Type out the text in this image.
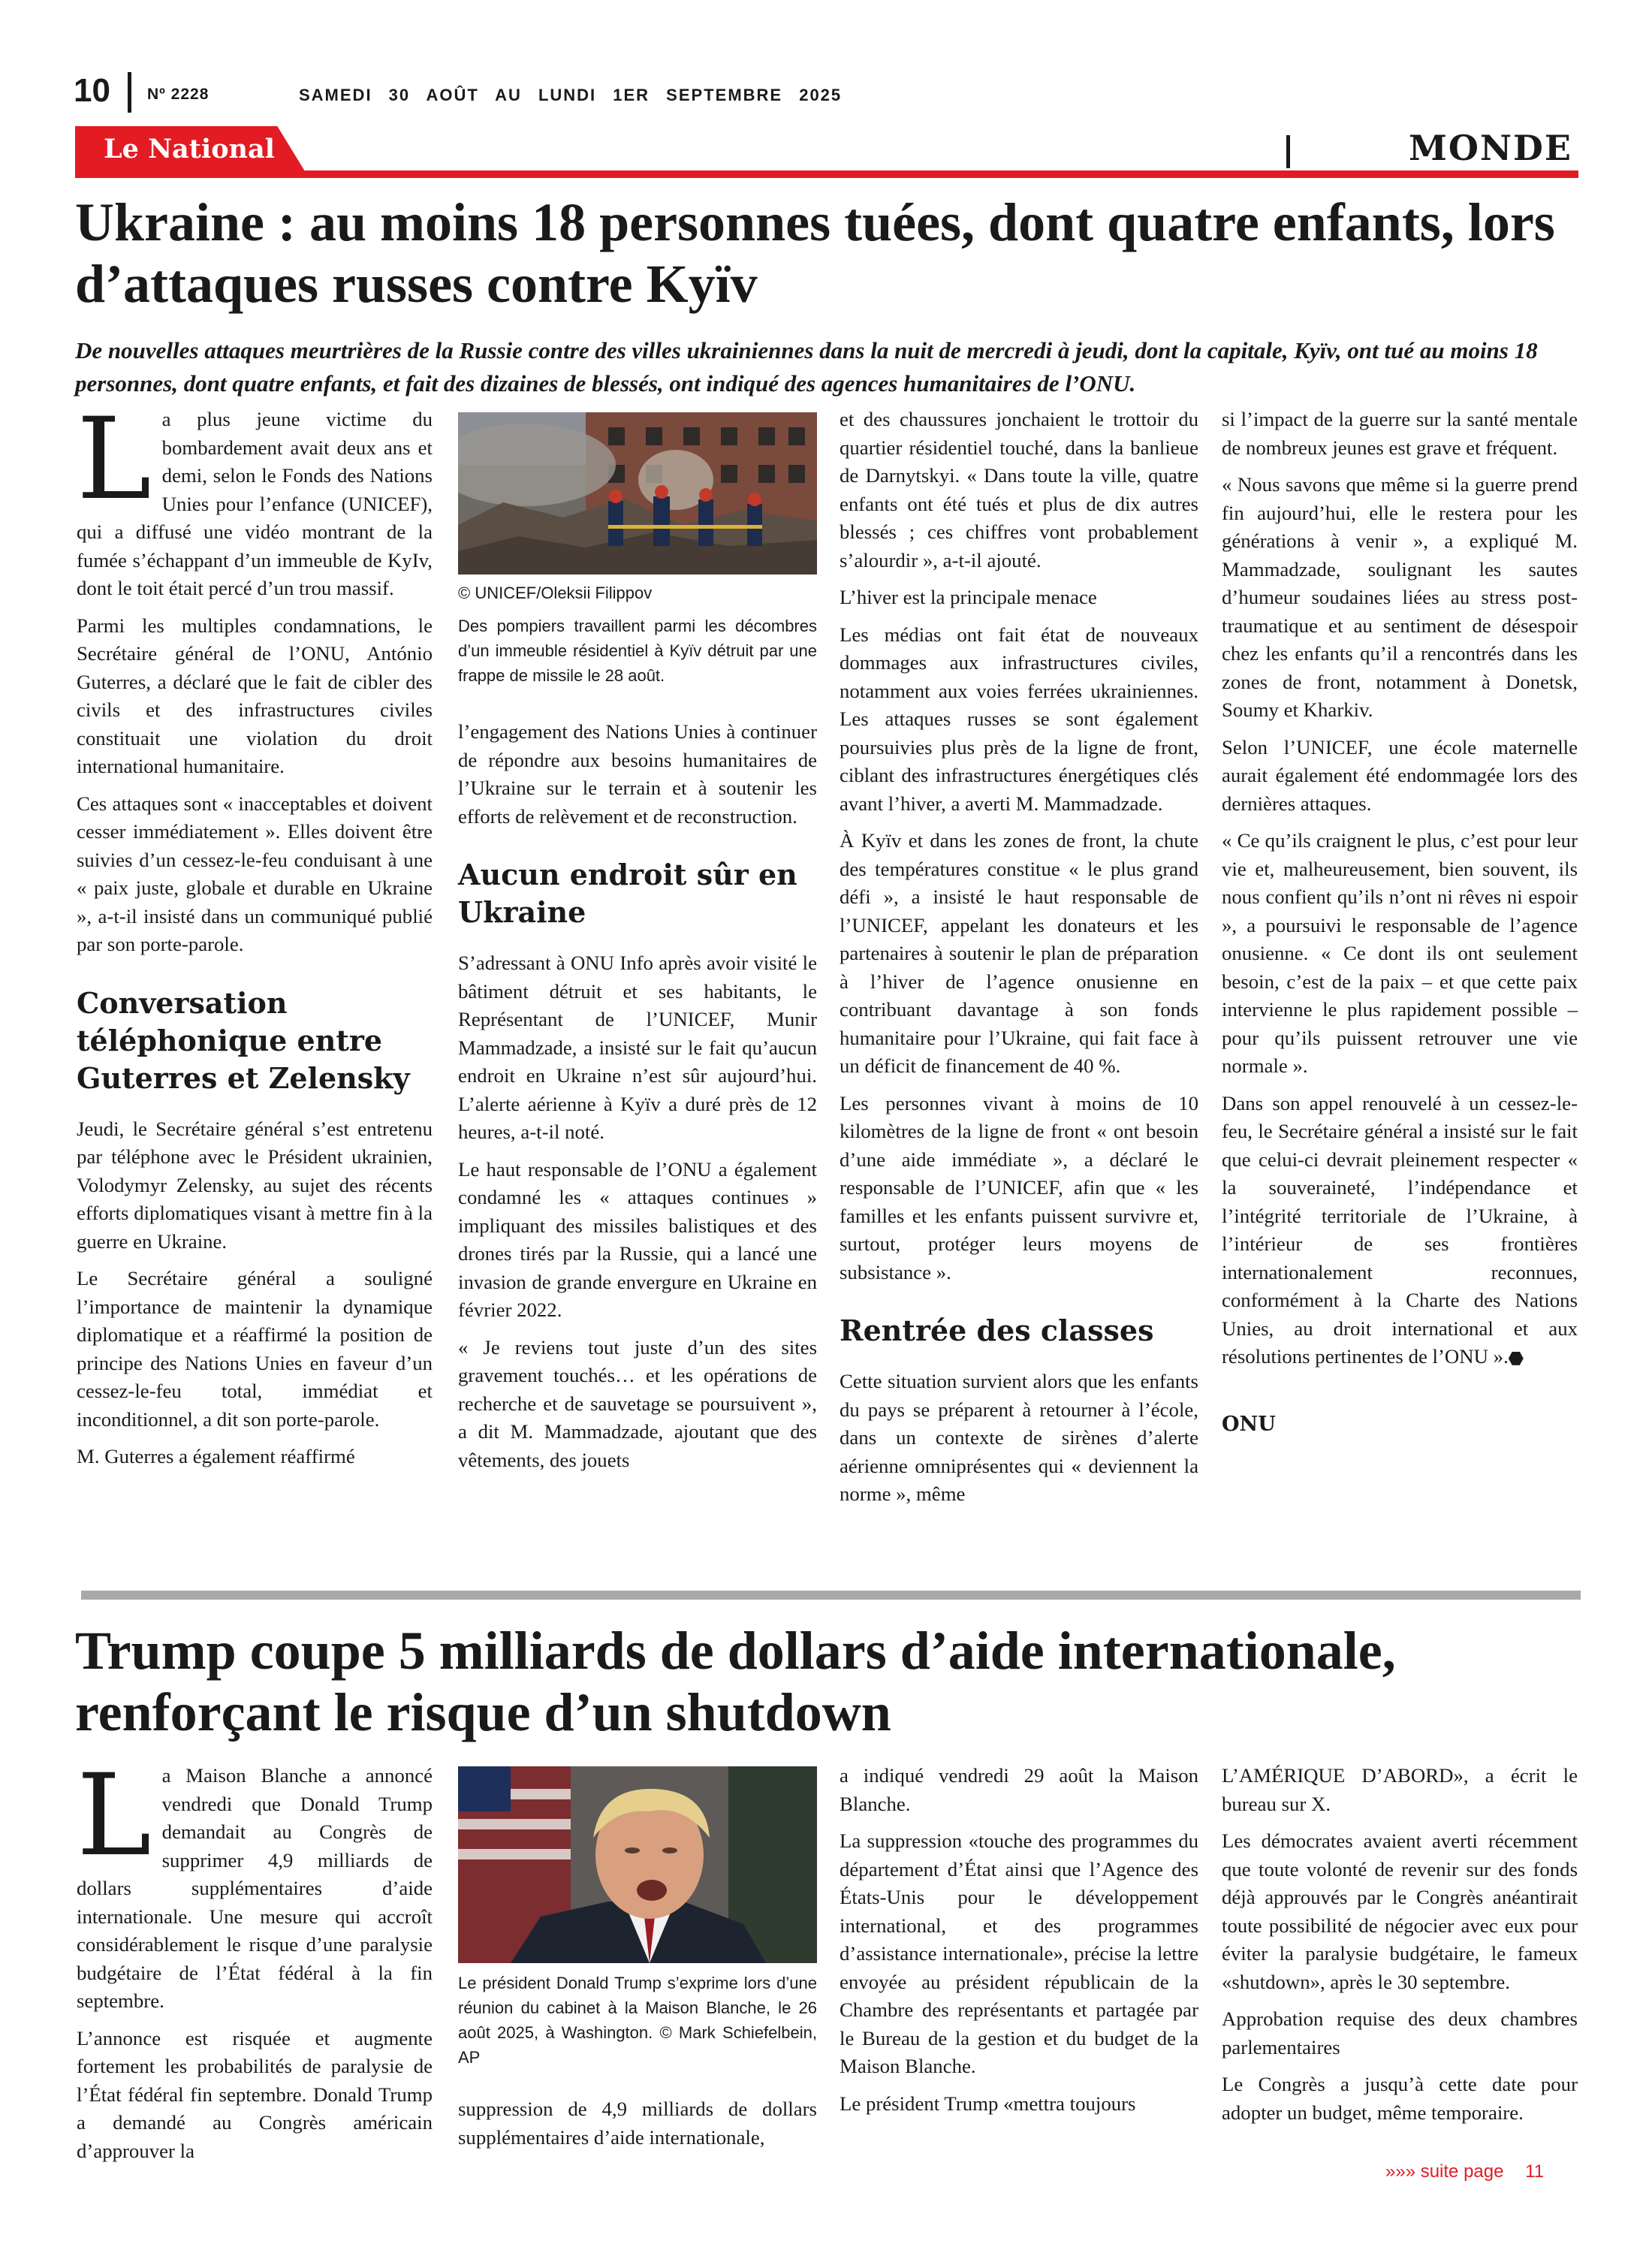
10 Nº 2228	SAMEDI 30 AOÛT AU LUNDI 1ER SEPTEMBRE 2025
Le National	MONDE
Ukraine : au moins 18 personnes tuées, dont quatre enfants, lors d’attaques russes contre Kyïv
De nouvelles attaques meurtrières de la Russie contre des villes ukrainiennes dans la nuit de mercredi à jeudi, dont la capitale, Kyïv, ont tué au moins 18 personnes, dont quatre enfants, et fait des dizaines de blessés, ont indiqué des agences humanitaires de l’ONU.
L a plus jeune victime du bombardement avait deux ans et demi, selon le Fonds des Nations Unies pour l’enfance (UNICEF), qui a diffusé une vidéo montrant de la fumée s’échappant d’un immeuble de KyIv, dont le toit était percé d’un trou massif.

Parmi les multiples condamnations, le Secrétaire général de l’ONU, António Guterres, a déclaré que le fait de cibler des civils et des infrastructures civiles constituait une violation du droit international humanitaire.

Ces attaques sont « inacceptables et doivent cesser immédiatement ». Elles doivent être suivies d’un cessez-le-feu conduisant à une « paix juste, globale et durable en Ukraine », a-t-il insisté dans un communiqué publié par son porte-parole.

Conversation téléphonique entre Guterres et Zelensky

Jeudi, le Secrétaire général s’est entretenu par téléphone avec le Président ukrainien, Volodymyr Zelensky, au sujet des récents efforts diplomatiques visant à mettre fin à la guerre en Ukraine.

Le Secrétaire général a souligné l’importance de maintenir la dynamique diplomatique et a réaffirmé la position de principe des Nations Unies en faveur d’un cessez-le-feu total, immédiat et inconditionnel, a dit son porte-parole.

M. Guterres a également réaffirmé

© UNICEF/Oleksii Filippov

Des pompiers travaillent parmi les décombres d’un immeuble résidentiel à Kyïv détruit par une frappe de missile le 28 août.

l’engagement des Nations Unies à continuer de répondre aux besoins humanitaires de l’Ukraine sur le terrain et à soutenir les efforts de relèvement et de reconstruction.

Aucun endroit sûr en Ukraine

S’adressant à ONU Info après avoir visité le bâtiment détruit et ses habitants, le Représentant de l’UNICEF, Munir Mammadzade, a insisté sur le fait qu’aucun endroit en Ukraine n’est sûr aujourd’hui. L’alerte aérienne à Kyïv a duré près de 12 heures, a-t-il noté.

Le haut responsable de l’ONU a également condamné les « attaques continues » impliquant des missiles balistiques et des drones tirés par la Russie, qui a lancé une invasion de grande envergure en Ukraine en février 2022.

« Je reviens tout juste d’un des sites gravement touchés… et les opérations de recherche et de sauvetage se poursuivent », a dit M. Mammadzade, ajoutant que des vêtements, des jouets

et des chaussures jonchaient le trottoir du quartier résidentiel touché, dans la banlieue de Darnytskyi. « Dans toute la ville, quatre enfants ont été tués et plus de dix autres blessés ; ces chiffres vont probablement s’alourdir », a-t-il ajouté.

L’hiver est la principale menace

Les médias ont fait état de nouveaux dommages aux infrastructures civiles, notamment aux voies ferrées ukrainiennes. Les attaques russes se sont également poursuivies plus près de la ligne de front, ciblant des infrastructures énergétiques clés avant l’hiver, a averti M. Mammadzade.

À Kyïv et dans les zones de front, la chute des températures constitue « le plus grand défi », a insisté le haut responsable de l’UNICEF, appelant les donateurs et les partenaires à soutenir le plan de préparation à l’hiver de l’agence onusienne en contribuant davantage à son fonds humanitaire pour l’Ukraine, qui fait face à un déficit de financement de 40 %.

Les personnes vivant à moins de 10 kilomètres de la ligne de front « ont besoin d’une aide immédiate », a déclaré le responsable de l’UNICEF, afin que « les familles et les enfants puissent survivre et, surtout, protéger leurs moyens de subsistance ».

Rentrée des classes

Cette situation survient alors que les enfants du pays se préparent à retourner à l’école, dans un contexte de sirènes d’alerte aérienne omniprésentes qui « deviennent la norme », même

si l’impact de la guerre sur la santé mentale de nombreux jeunes est grave et fréquent.

« Nous savons que même si la guerre prend fin aujourd’hui, elle le restera pour les générations à venir », a expliqué M. Mammadzade, soulignant les sautes d’humeur soudaines liées au stress post-traumatique et au sentiment de désespoir chez les enfants qu’il a rencontrés dans les zones de front, notamment à Donetsk, Soumy et Kharkiv.

Selon l’UNICEF, une école maternelle aurait également été endommagée lors des dernières attaques.

« Ce qu’ils craignent le plus, c’est pour leur vie et, malheureusement, bien souvent, ils nous confient qu’ils n’ont ni rêves ni espoir », a poursuivi le responsable de l’agence onusienne. « Ce dont ils ont seulement besoin, c’est de la paix – et que cette paix intervienne le plus rapidement possible – pour qu’ils puissent retrouver une vie normale ».

Dans son appel renouvelé à un cessez-le-feu, le Secrétaire général a insisté sur le fait que celui-ci devrait pleinement respecter « la souveraineté, l’indépendance et l’intégrité territoriale de l’Ukraine, à l’intérieur de ses frontières internationalement reconnues, conformément à la Charte des Nations Unies, au droit international et aux résolutions pertinentes de l’ONU ».

ONU

Trump coupe 5 milliards de dollars d’aide internationale, renforçant le risque d’un shutdown
L a Maison Blanche a annoncé vendredi que Donald Trump demandait au Congrès de supprimer 4,9 milliards de dollars supplémentaires d’aide internationale. Une mesure qui accroît considérablement le risque d’une paralysie budgétaire de l’État fédéral à la fin septembre.

L’annonce est risquée et augmente fortement les probabilités de paralysie de l’État fédéral fin septembre. Donald Trump a demandé au Congrès américain d’approuver la

Le président Donald Trump s’exprime lors d’une réunion du cabinet à la Maison Blanche, le 26 août 2025, à Washington. © Mark Schiefelbein, AP

suppression de 4,9 milliards de dollars supplémentaires d’aide internationale,

a indiqué vendredi 29 août la Maison Blanche.

La suppression «touche des programmes du département d’État ainsi que l’Agence des États-Unis pour le développement international, et des programmes d’assistance internationale», précise la lettre envoyée au président républicain de la Chambre des représentants et partagée par le Bureau de la gestion et du budget de la Maison Blanche.

Le président Trump «mettra toujours

L’AMÉRIQUE D’ABORD», a écrit le bureau sur X.

Les démocrates avaient averti récemment que toute volonté de revenir sur des fonds déjà approuvés par le Congrès anéantirait toute possibilité de négocier avec eux pour éviter la paralysie budgétaire, le fameux «shutdown», après le 30 septembre.

Approbation requise des deux chambres parlementaires

Le Congrès a jusqu’à cette date pour adopter un budget, même temporaire.

»»» suite page 11
